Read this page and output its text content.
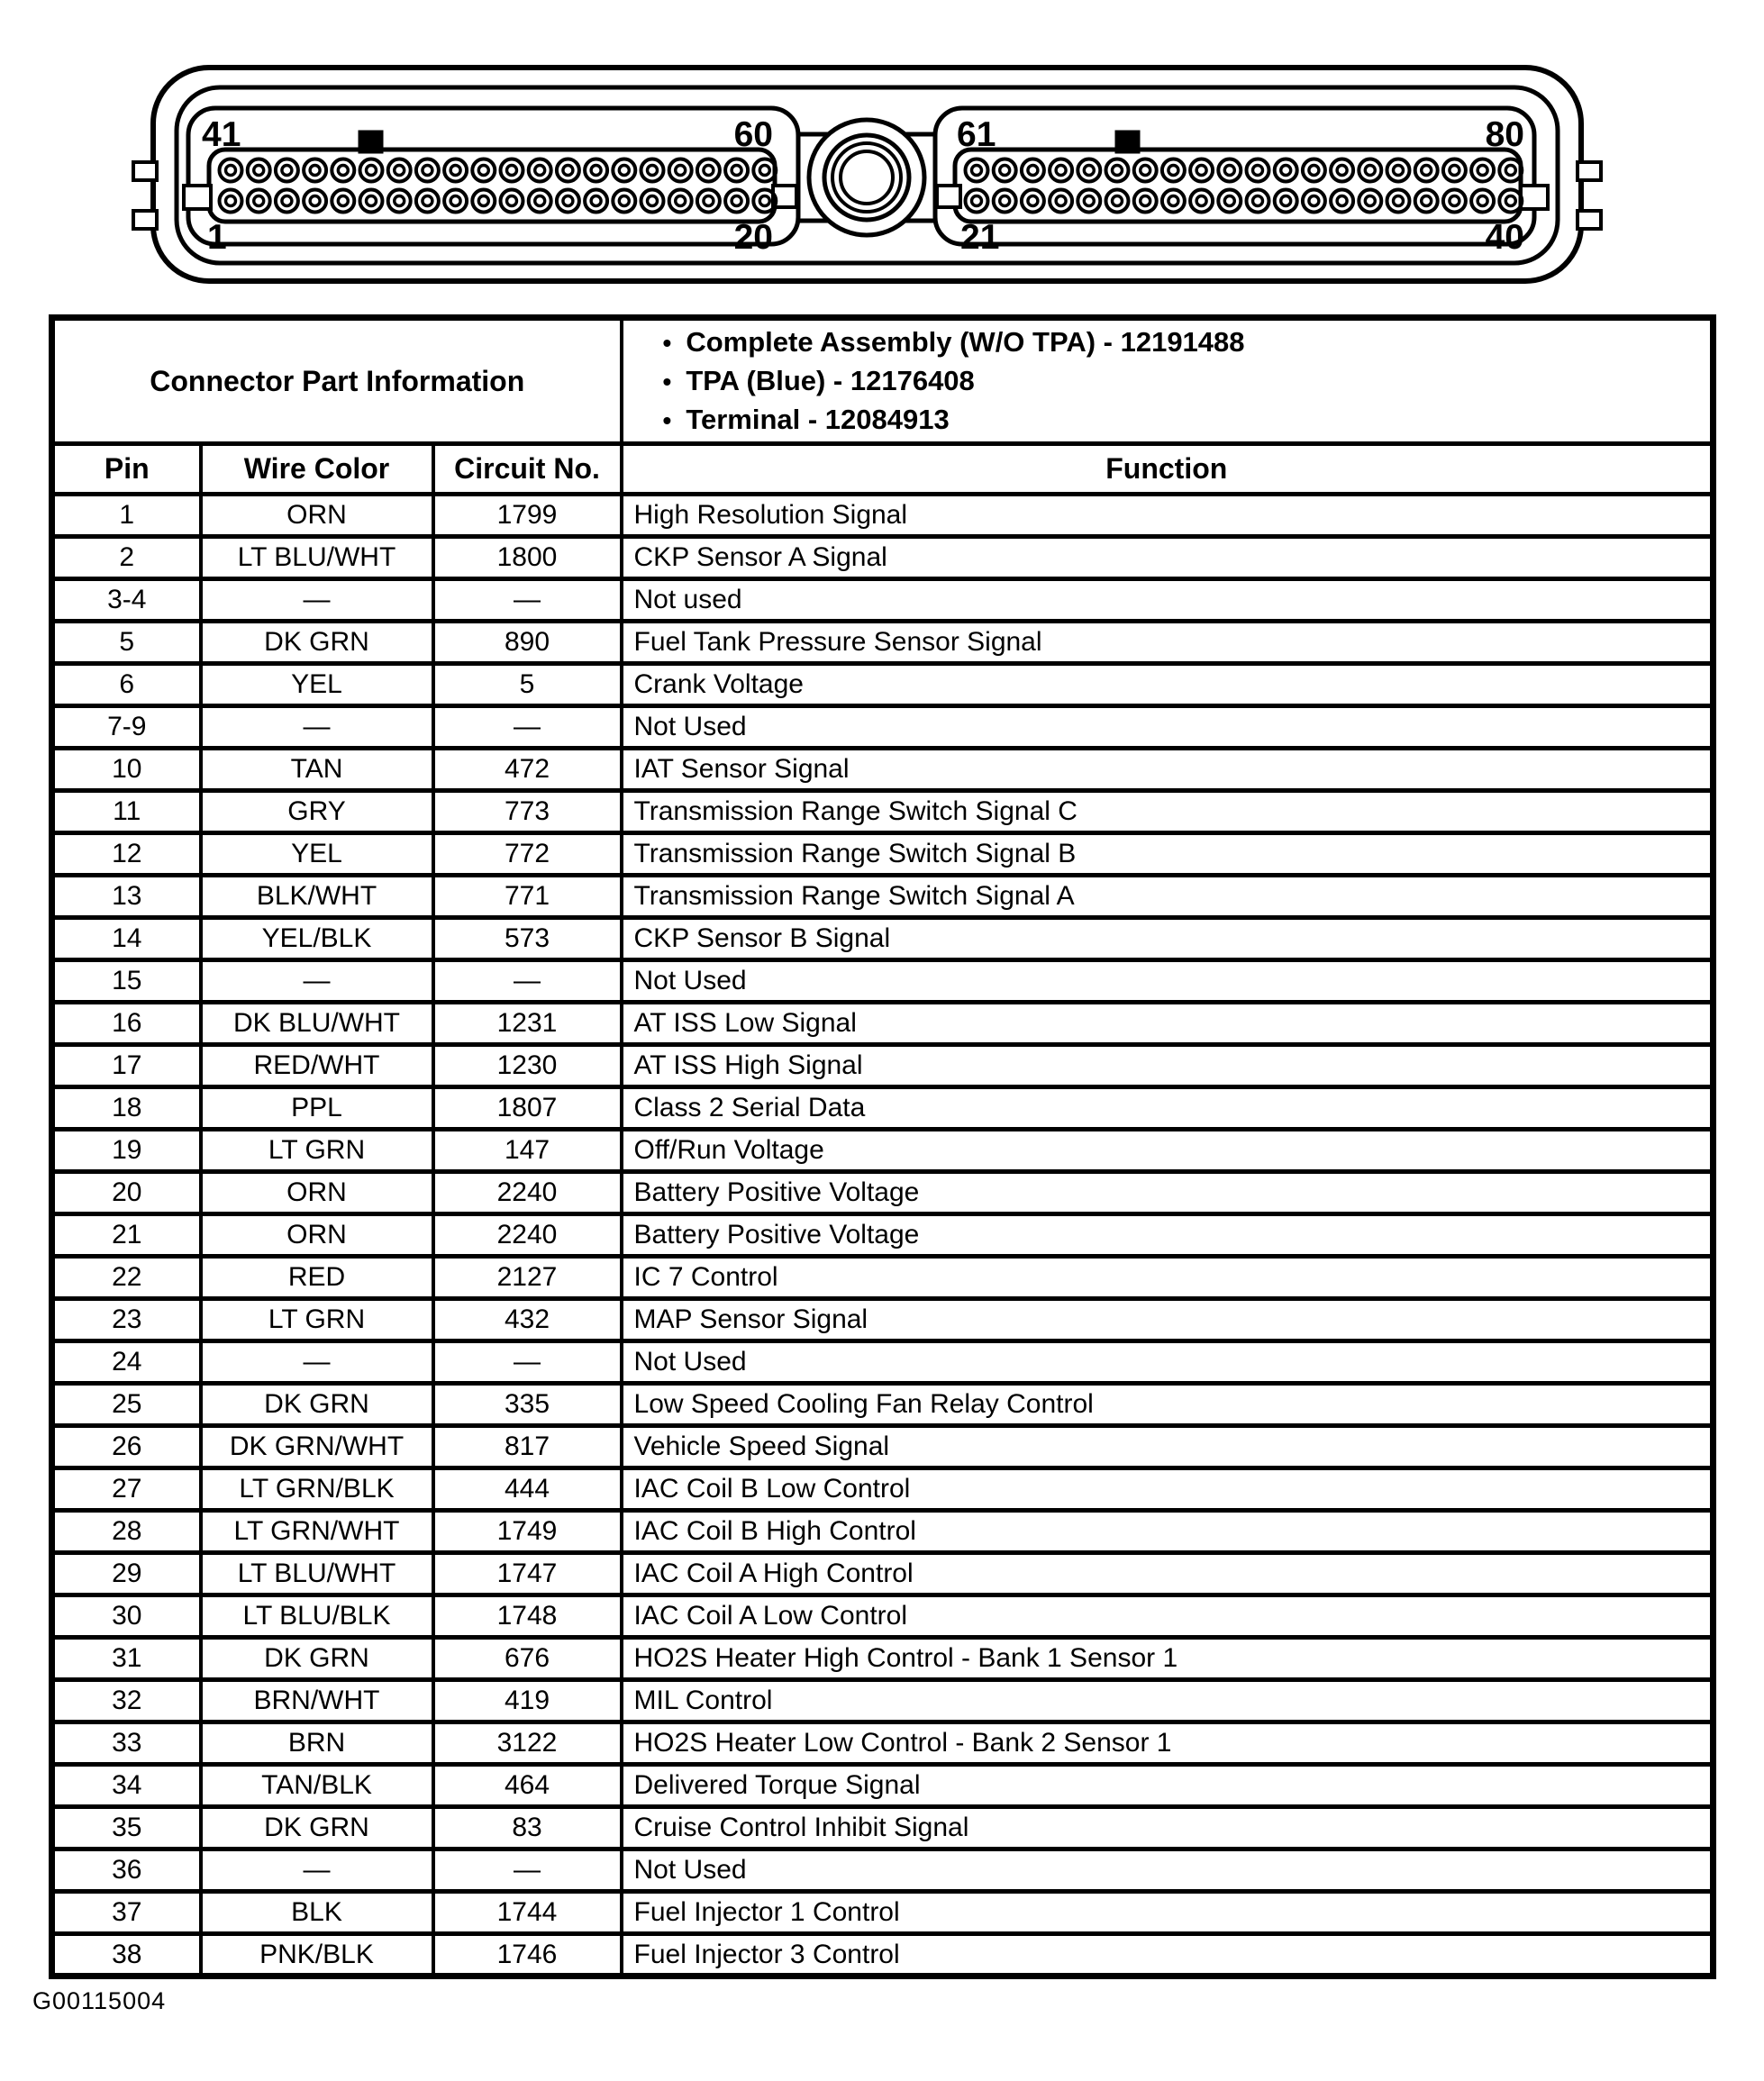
41	60
1	20
61	80
21	40
Connector Part Information	
• Complete Assembly (W/O TPA) - 12191488
• TPA (Blue) - 12176408
• Terminal - 12084913

Pin	Wire Color	Circuit No.	Function
1	ORN	1799	High Resolution Signal
2	LT BLU/WHT	1800	CKP Sensor A Signal
3-4	—	—	Not used
5	DK GRN	890	Fuel Tank Pressure Sensor Signal
6	YEL	5	Crank Voltage
7-9	—	—	Not Used
10	TAN	472	IAT Sensor Signal
11	GRY	773	Transmission Range Switch Signal C
12	YEL	772	Transmission Range Switch Signal B
13	BLK/WHT	771	Transmission Range Switch Signal A
14	YEL/BLK	573	CKP Sensor B Signal
15	—	—	Not Used
16	DK BLU/WHT	1231	AT ISS Low Signal
17	RED/WHT	1230	AT ISS High Signal
18	PPL	1807	Class 2 Serial Data
19	LT GRN	147	Off/Run Voltage
20	ORN	2240	Battery Positive Voltage
21	ORN	2240	Battery Positive Voltage
22	RED	2127	IC 7 Control
23	LT GRN	432	MAP Sensor Signal
24	—	—	Not Used
25	DK GRN	335	Low Speed Cooling Fan Relay Control
26	DK GRN/WHT	817	Vehicle Speed Signal
27	LT GRN/BLK	444	IAC Coil B Low Control
28	LT GRN/WHT	1749	IAC Coil B High Control
29	LT BLU/WHT	1747	IAC Coil A High Control
30	LT BLU/BLK	1748	IAC Coil A Low Control
31	DK GRN	676	HO2S Heater High Control - Bank 1 Sensor 1
32	BRN/WHT	419	MIL Control
33	BRN	3122	HO2S Heater Low Control - Bank 2 Sensor 1
34	TAN/BLK	464	Delivered Torque Signal
35	DK GRN	83	Cruise Control Inhibit Signal
36	—	—	Not Used
37	BLK	1744	Fuel Injector 1 Control
38	PNK/BLK	1746	Fuel Injector 3 Control
G00115004
